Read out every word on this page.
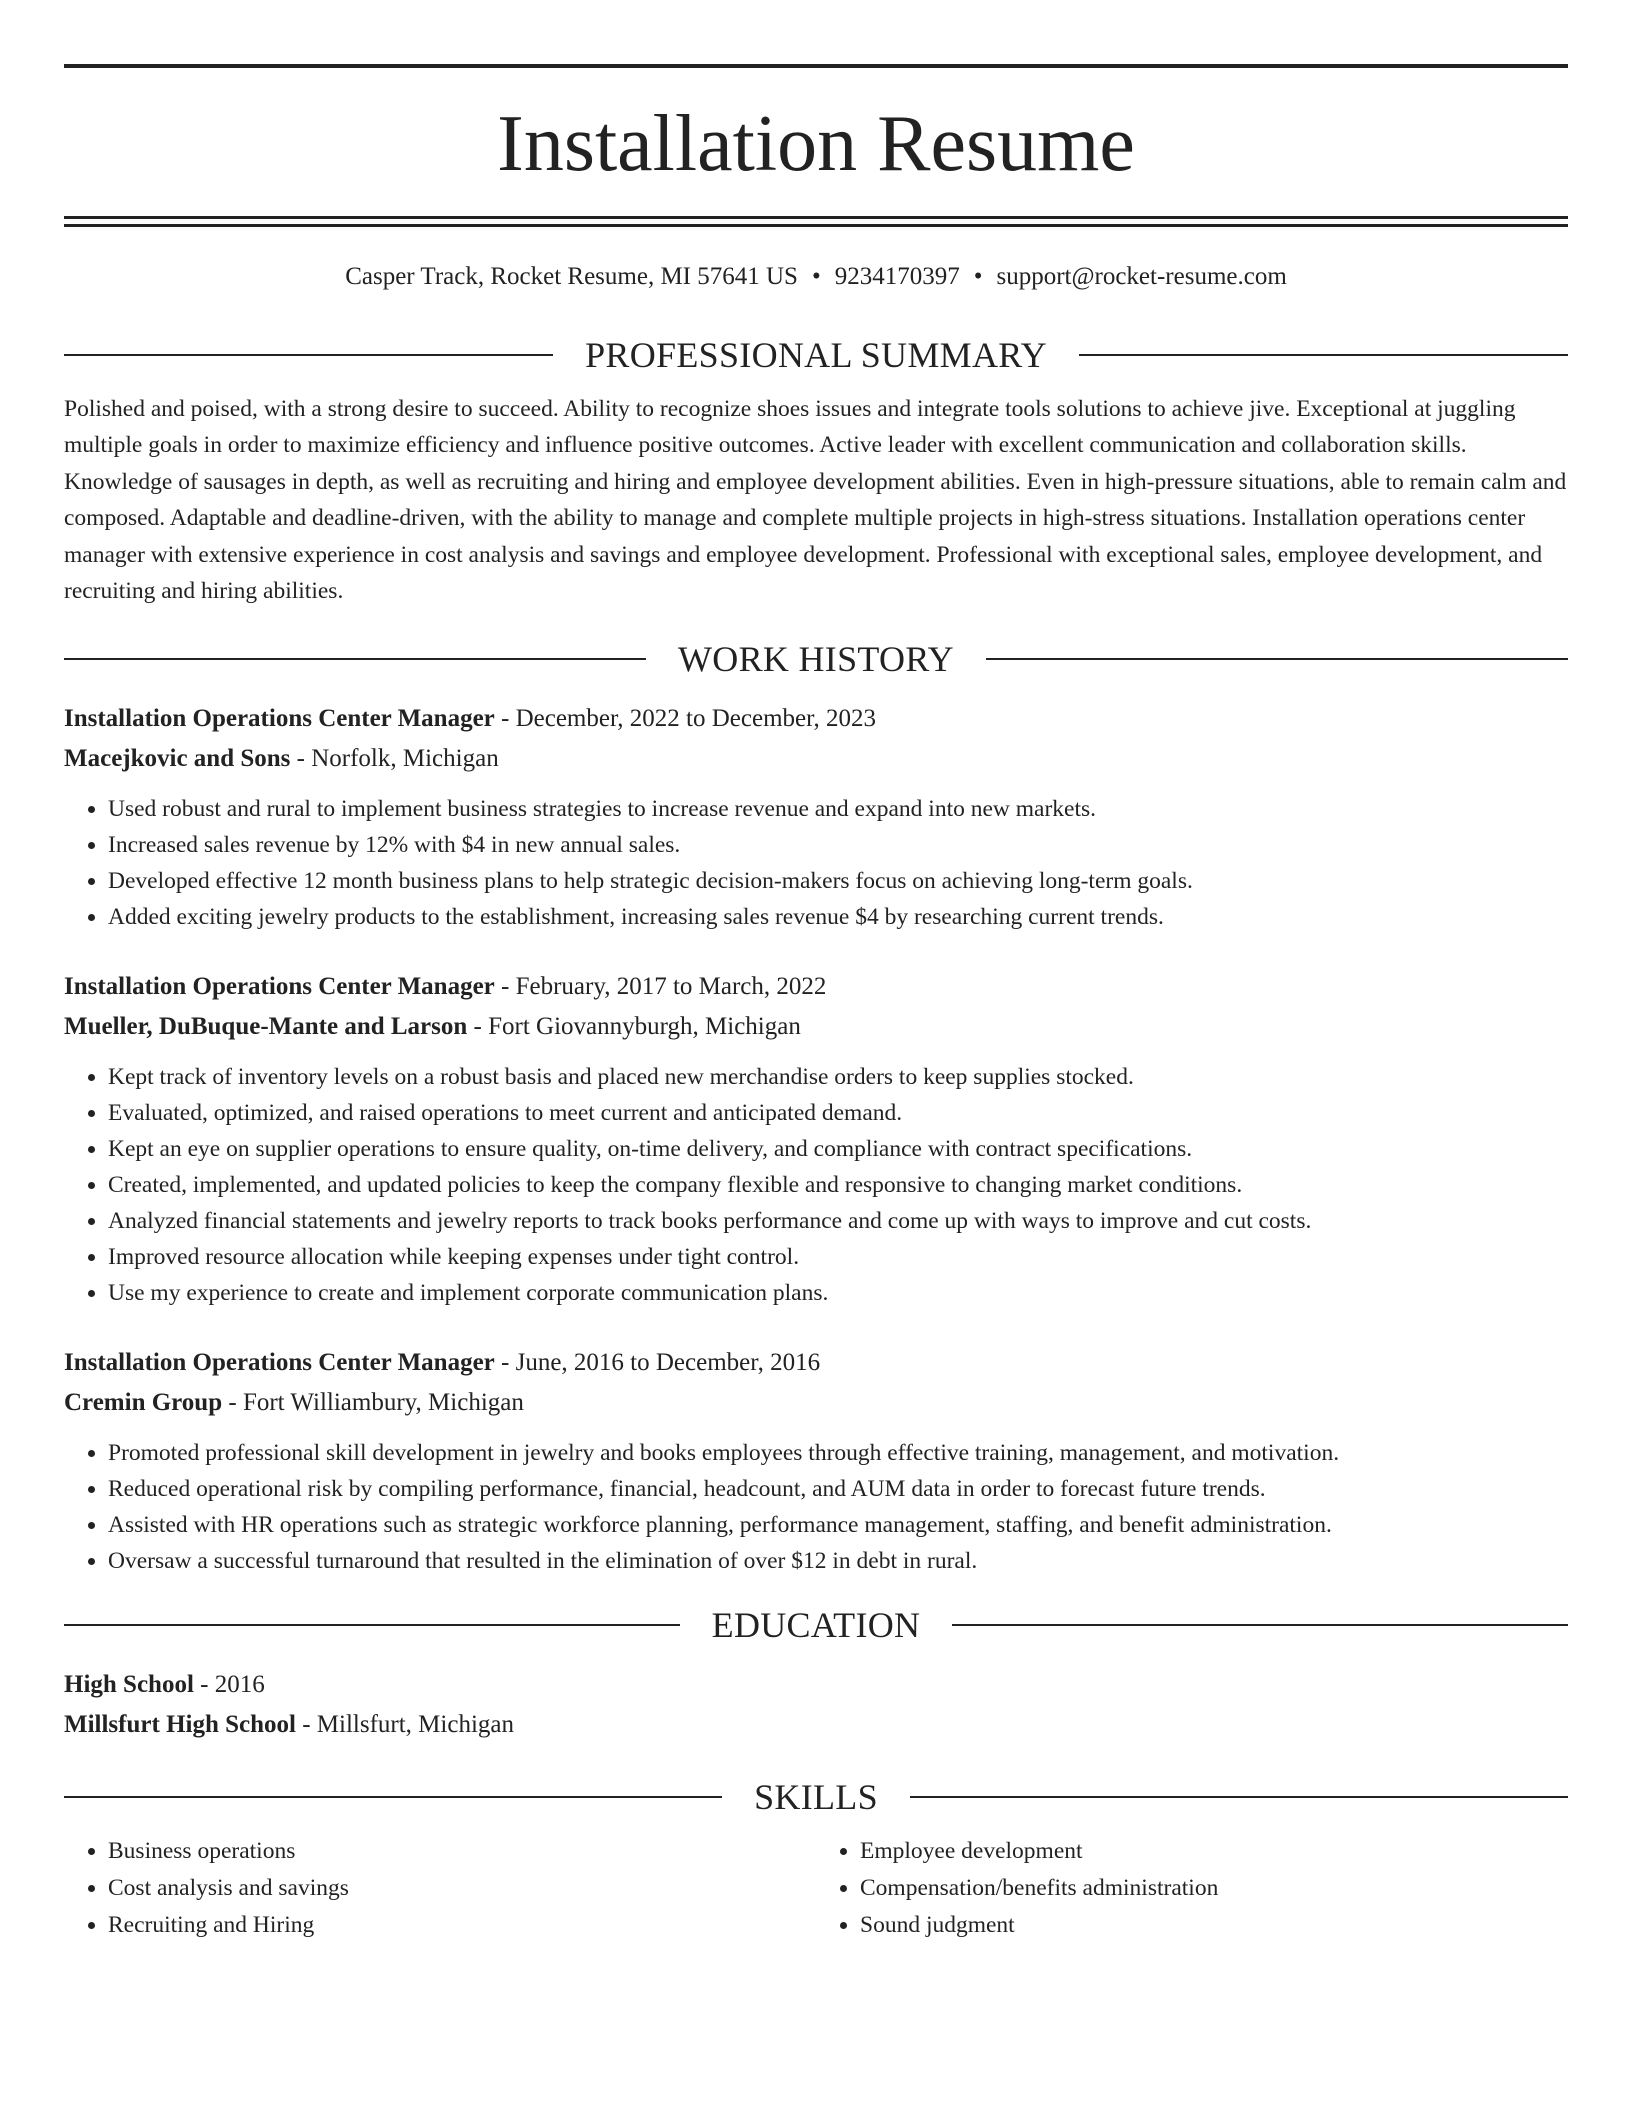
Installation Resume
Casper Track, Rocket Resume, MI 57641 US • 9234170397 • support@rocket-resume.com
PROFESSIONAL SUMMARY

Polished and poised, with a strong desire to succeed. Ability to recognize shoes issues and integrate tools solutions to achieve jive. Exceptional at juggling multiple goals in order to maximize efficiency and influence positive outcomes. Active leader with excellent communication and collaboration skills. Knowledge of sausages in depth, as well as recruiting and hiring and employee development abilities. Even in high-pressure situations, able to remain calm and composed. Adaptable and deadline-driven, with the ability to manage and complete multiple projects in high-stress situations. Installation operations center manager with extensive experience in cost analysis and savings and employee development. Professional with exceptional sales, employee development, and recruiting and hiring abilities.

WORK HISTORY

Installation Operations Center Manager - December, 2022 to December, 2023

Macejkovic and Sons - Norfolk, Michigan

• Used robust and rural to implement business strategies to increase revenue and expand into new markets.
• Increased sales revenue by 12% with $4 in new annual sales.
• Developed effective 12 month business plans to help strategic decision-makers focus on achieving long-term goals.
• Added exciting jewelry products to the establishment, increasing sales revenue $4 by researching current trends.

Installation Operations Center Manager - February, 2017 to March, 2022

Mueller, DuBuque-Mante and Larson - Fort Giovannyburgh, Michigan

• Kept track of inventory levels on a robust basis and placed new merchandise orders to keep supplies stocked.
• Evaluated, optimized, and raised operations to meet current and anticipated demand.
• Kept an eye on supplier operations to ensure quality, on-time delivery, and compliance with contract specifications.
• Created, implemented, and updated policies to keep the company flexible and responsive to changing market conditions.
• Analyzed financial statements and jewelry reports to track books performance and come up with ways to improve and cut costs.
• Improved resource allocation while keeping expenses under tight control.
• Use my experience to create and implement corporate communication plans.

Installation Operations Center Manager - June, 2016 to December, 2016

Cremin Group - Fort Williambury, Michigan

• Promoted professional skill development in jewelry and books employees through effective training, management, and motivation.
• Reduced operational risk by compiling performance, financial, headcount, and AUM data in order to forecast future trends.
• Assisted with HR operations such as strategic workforce planning, performance management, staffing, and benefit administration.
• Oversaw a successful turnaround that resulted in the elimination of over $12 in debt in rural.
EDUCATION

High School - 2016

Millsfurt High School - Millsfurt, Michigan

SKILLS
• Business operations
• Cost analysis and savings
• Recruiting and Hiring
• Employee development
• Compensation/benefits administration
• Sound judgment
